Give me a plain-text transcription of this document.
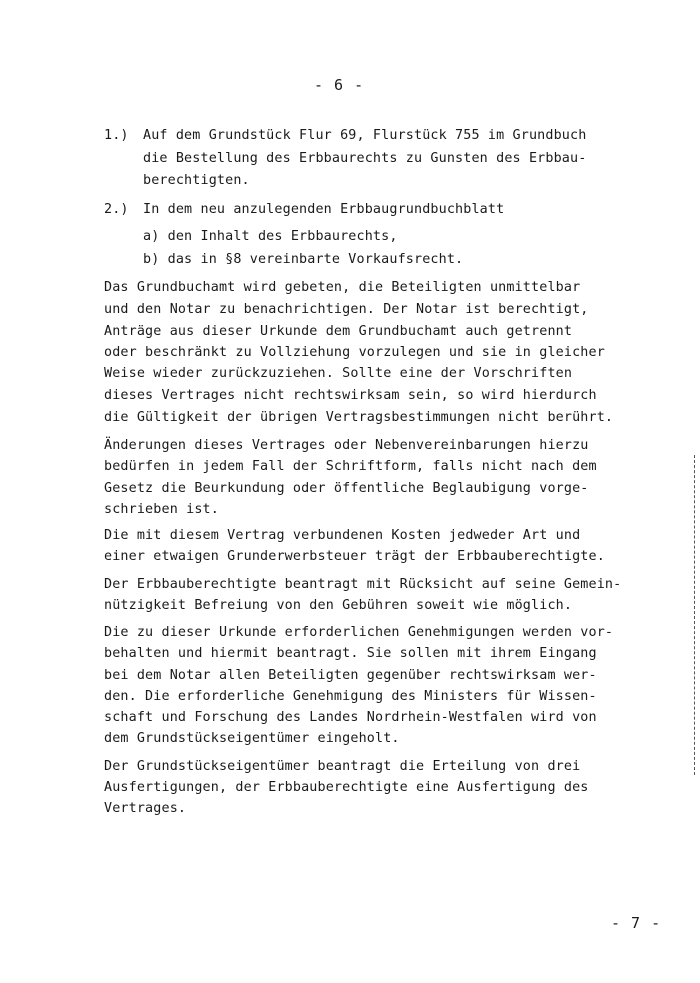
- 6 -
1.) Auf dem Grundstück Flur 69, Flurstück 755 im Grundbuch
die Bestellung des Erbbaurechts zu Gunsten des Erbbau-
berechtigten.
2.) In dem neu anzulegenden Erbbaugrundbuchblatt
a) den Inhalt des Erbbaurechts,
b) das in §8 vereinbarte Vorkaufsrecht.
Das Grundbuchamt wird gebeten, die Beteiligten unmittelbar
und den Notar zu benachrichtigen. Der Notar ist berechtigt,
Anträge aus dieser Urkunde dem Grundbuchamt auch getrennt
oder beschränkt zu Vollziehung vorzulegen und sie in gleicher
Weise wieder zurückzuziehen. Sollte eine der Vorschriften
dieses Vertrages nicht rechtswirksam sein, so wird hierdurch
die Gültigkeit der übrigen Vertragsbestimmungen nicht berührt.
Änderungen dieses Vertrages oder Nebenvereinbarungen hierzu
bedürfen in jedem Fall der Schriftform, falls nicht nach dem
Gesetz die Beurkundung oder öffentliche Beglaubigung vorge-
schrieben ist.
Die mit diesem Vertrag verbundenen Kosten jedweder Art und
einer etwaigen Grunderwerbsteuer trägt der Erbbauberechtigte.
Der Erbbauberechtigte beantragt mit Rücksicht auf seine Gemein-
nützigkeit Befreiung von den Gebühren soweit wie möglich.
Die zu dieser Urkunde erforderlichen Genehmigungen werden vor-
behalten und hiermit beantragt. Sie sollen mit ihrem Eingang
bei dem Notar allen Beteiligten gegenüber rechtswirksam wer-
den. Die erforderliche Genehmigung des Ministers für Wissen-
schaft und Forschung des Landes Nordrhein-Westfalen wird von
dem Grundstückseigentümer eingeholt.
Der Grundstückseigentümer beantragt die Erteilung von drei
Ausfertigungen, der Erbbauberechtigte eine Ausfertigung des
Vertrages.
- 7 -
